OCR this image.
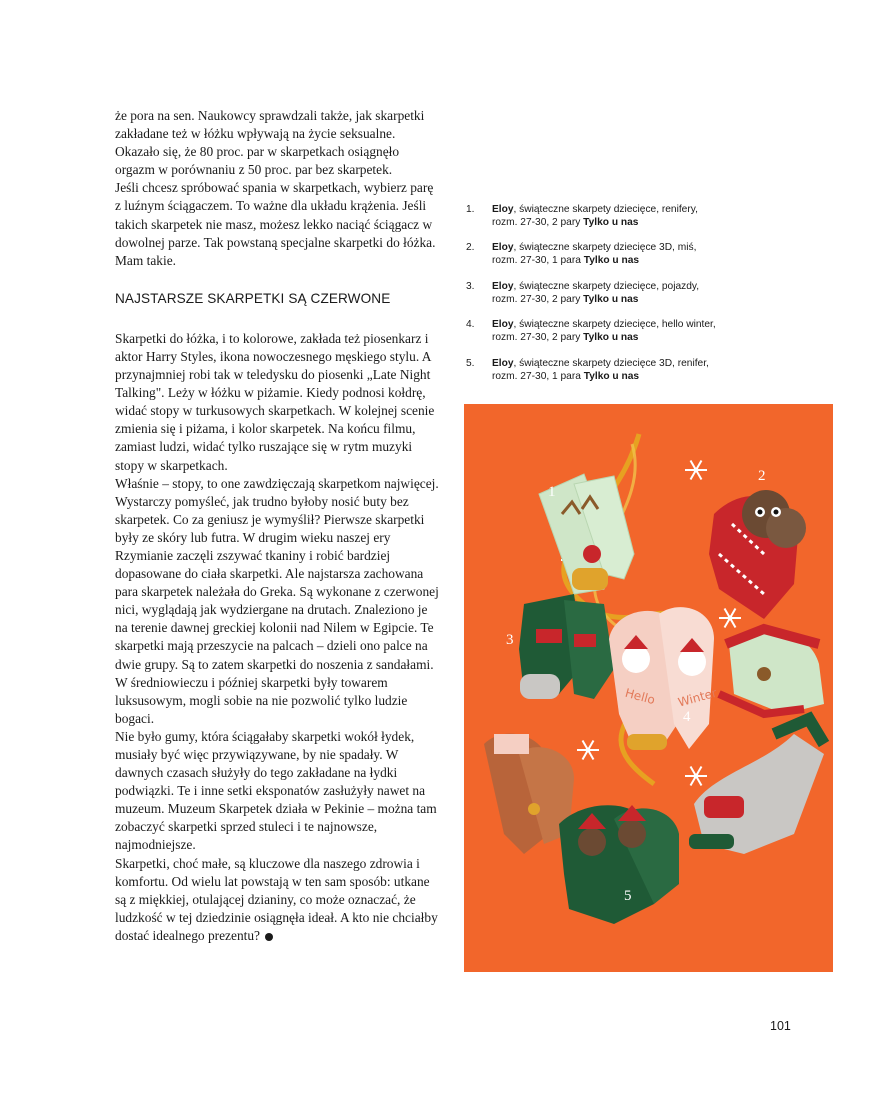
że pora na sen. Naukowcy sprawdzali także, jak skarpetki zakładane też w łóżku wpływają na życie seksualne. Okazało się, że 80 proc. par w skarpetkach osiągnęło orgazm w porównaniu z 50 proc. par bez skarpetek.

Jeśli chcesz spróbować spania w skarpetkach, wybierz parę z luźnym ściągaczem. To ważne dla układu krążenia. Jeśli takich skarpetek nie masz, możesz lekko naciąć ściągacz w dowolnej parze. Tak powstaną specjalne skarpetki do łóżka. Mam takie.

NAJSTARSZE SKARPETKI SĄ CZERWONE

Skarpetki do łóżka, i to kolorowe, zakłada też piosenkarz i aktor Harry Styles, ikona nowoczesnego męskiego stylu. A przynajmniej robi tak w teledysku do piosenki „Late Night Talking". Leży w łóżku w piżamie. Kiedy podnosi kołdrę, widać stopy w turkusowych skarpetkach. W kolejnej scenie zmienia się i piżama, i kolor skarpetek. Na końcu filmu, zamiast ludzi, widać tylko ruszające się w rytm muzyki stopy w skarpetkach.

Właśnie – stopy, to one zawdzięczają skarpetkom najwięcej. Wystarczy pomyśleć, jak trudno byłoby nosić buty bez skarpetek. Co za geniusz je wymyślił? Pierwsze skarpetki były ze skóry lub futra. W drugim wieku naszej ery Rzymianie zaczęli zszywać tkaniny i robić bardziej dopasowane do ciała skarpetki. Ale najstarsza zachowana para skarpetek należała do Greka. Są wykonane z czerwonej nici, wyglądają jak wydziergane na drutach. Znaleziono je na terenie dawnej greckiej kolonii nad Nilem w Egipcie. Te skarpetki mają przeszycie na palcach – dzieli ono palce na dwie grupy. Są to zatem skarpetki do noszenia z sandałami. W średniowieczu i później skarpetki były towarem luksusowym, mogli sobie na nie pozwolić tylko ludzie bogaci.

Nie było gumy, która ściągałaby skarpetki wokół łydek, musiały być więc przywiązywane, by nie spadały. W dawnych czasach służyły do tego zakładane na łydki podwiązki. Te i inne setki eksponatów zasłużyły nawet na muzeum. Muzeum Skarpetek działa w Pekinie – można tam zobaczyć skarpetki sprzed stuleci i te najnowsze, najmodniejsze.

Skarpetki, choć małe, są kluczowe dla naszego zdrowia i komfortu. Od wielu lat powstają w ten sam sposób: utkane są z miękkiej, otulającej dzianiny, co może oznaczać, że ludzkość w tej dziedzinie osiągnęła ideał. A kto nie chciałby dostać idealnego prezentu?

1.	Eloy, świąteczne skarpety dziecięce, renifery,
rozm. 27-30, 2 pary Tylko u nas
2.	Eloy, świąteczne skarpety dziecięce 3D, miś,
rozm. 27-30, 1 para Tylko u nas
3.	Eloy, świąteczne skarpety dziecięce, pojazdy,
rozm. 27-30, 2 pary Tylko u nas
4.	Eloy, świąteczne skarpety dziecięce, hello winter,
rozm. 27-30, 2 pary Tylko u nas
5.	Eloy, świąteczne skarpety dziecięce 3D, renifer,
rozm. 27-30, 1 para Tylko u nas
Hello Winter
1
2
3
4
5
101
